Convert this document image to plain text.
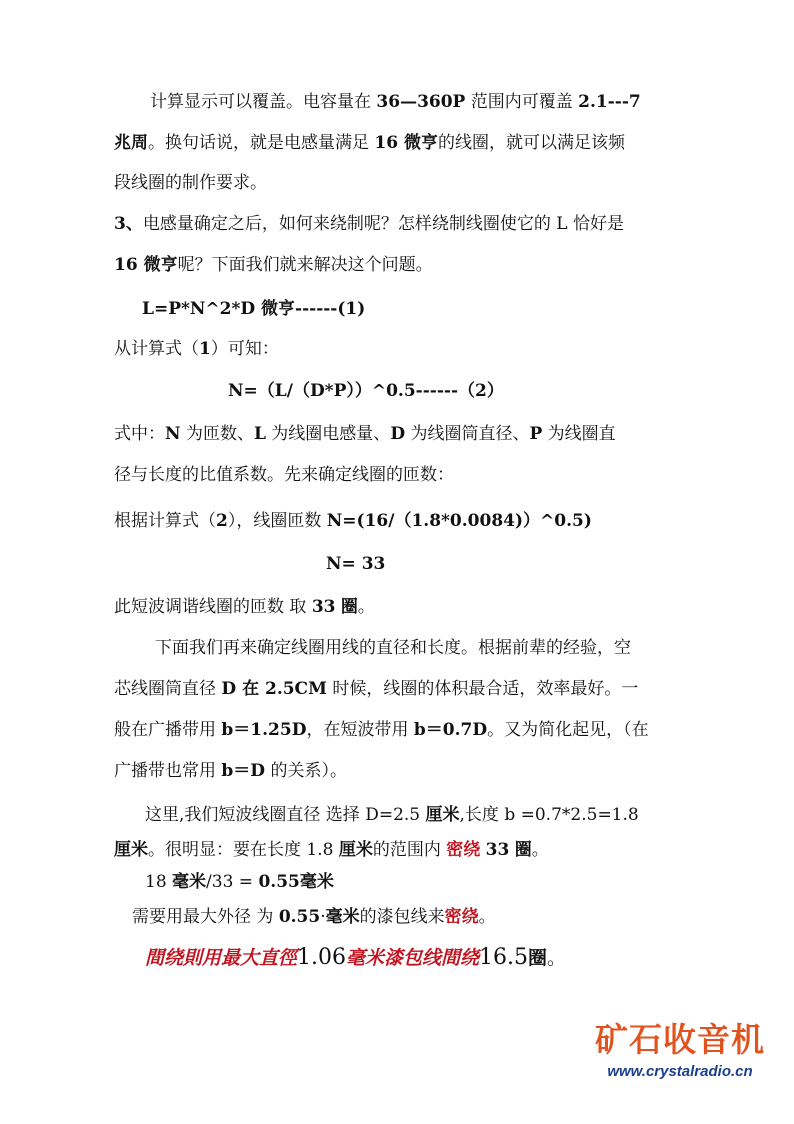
计算显示可以覆盖。电容量在 36—360P 范围内可覆盖 2.1---7
兆周。换句话说，就是电感量满足 16 微亨的线圈，就可以满足该频
段线圈的制作要求。
3、电感量确定之后，如何来绕制呢？怎样绕制线圈使它的 L 恰好是
16 微亨呢？下面我们就来解决这个问题。
L=P*N^2*D 微亨------(1)
从计算式（1）可知：
N=（L/（D*P））^0.5------（2）
式中：N 为匝数、L 为线圈电感量、D 为线圈筒直径、P 为线圈直
径与长度的比值系数。先来确定线圈的匝数：
根据计算式（2），线圈匝数 N=(16/（1.8*0.0084)）^0.5)
N= 33
此短波调谐线圈的匝数 取 33 圈。
下面我们再来确定线圈用线的直径和长度。根据前辈的经验，空
芯线圈筒直径 D 在 2.5CM 时候，线圈的体积最合适，效率最好。一
般在广播带用 b＝1.25D，在短波带用 b＝0.7D。又为简化起见，（在
广播带也常用 b＝D 的关系）。
这里,我们短波线圈直径 选择 D=2.5 厘米,长度 b =0.7*2.5=1.8
厘米。很明显：要在长度 1.8 厘米的范围内 密绕 33 圈。
18 毫米/33 = 0.55毫米
需要用最大外径 为 0.55·毫米的漆包线来密绕。
間绕則用最大直徑1.06毫米漆包线間绕16.5圈。
矿石收音机
www.crystalradio.cn
